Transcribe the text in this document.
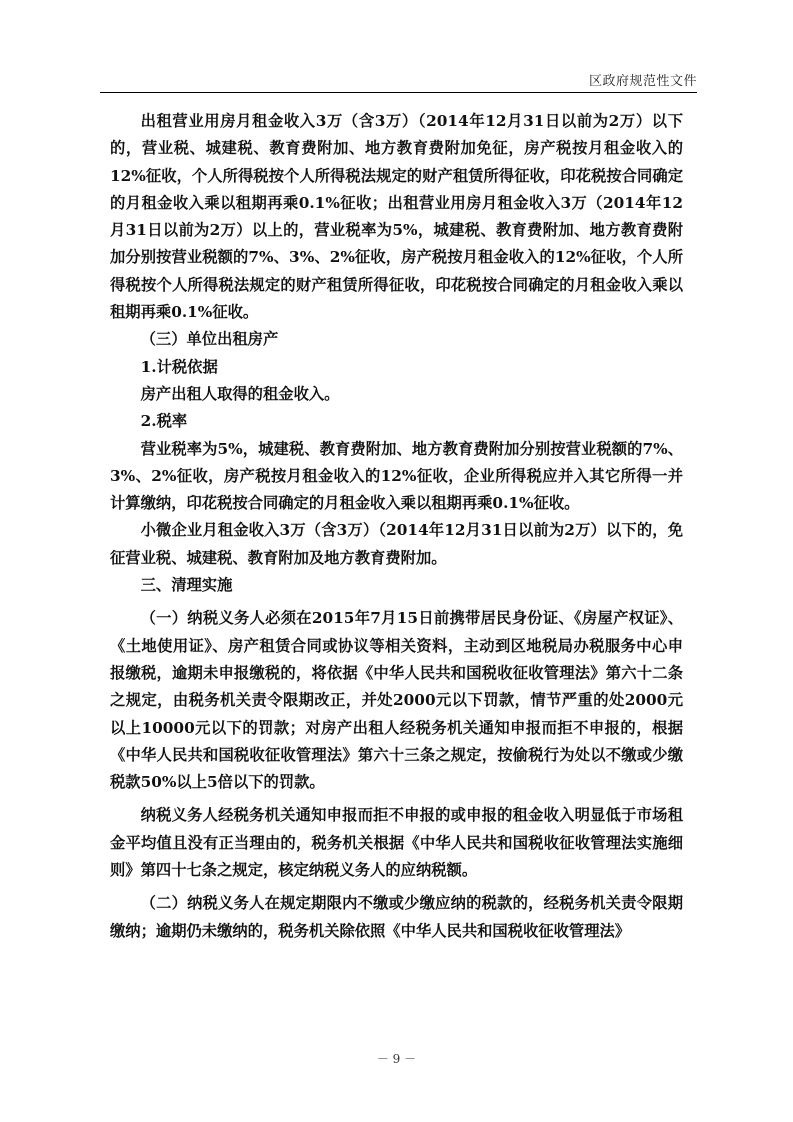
区政府规范性文件

出租营业用房月租金收入3万（含3万）（2014年12月31日以前为2万）以下的，营业税、城建税、教育费附加、地方教育费附加免征，房产税按月租金收入的12%征收，个人所得税按个人所得税法规定的财产租赁所得征收，印花税按合同确定的月租金收入乘以租期再乘0.1%征收；出租营业用房月租金收入3万（2014年12月31日以前为2万）以上的，营业税率为5%，城建税、教育费附加、地方教育费附加分别按营业税额的7%、3%、2%征收，房产税按月租金收入的12%征收，个人所得税按个人所得税法规定的财产租赁所得征收，印花税按合同确定的月租金收入乘以租期再乘0.1%征收。

（三）单位出租房产

1.计税依据

房产出租人取得的租金收入。

2.税率

营业税率为5%，城建税、教育费附加、地方教育费附加分别按营业税额的7%、3%、2%征收，房产税按月租金收入的12%征收，企业所得税应并入其它所得一并计算缴纳，印花税按合同确定的月租金收入乘以租期再乘0.1%征收。

小微企业月租金收入3万（含3万）（2014年12月31日以前为2万）以下的，免征营业税、城建税、教育附加及地方教育费附加。

三、清理实施

（一）纳税义务人必须在2015年7月15日前携带居民身份证、《房屋产权证》、《土地使用证》、房产租赁合同或协议等相关资料，主动到区地税局办税服务中心申报缴税，逾期未申报缴税的，将依据《中华人民共和国税收征收管理法》第六十二条之规定，由税务机关责令限期改正，并处2000元以下罚款，情节严重的处2000元以上10000元以下的罚款；对房产出租人经税务机关通知申报而拒不申报的，根据《中华人民共和国税收征收管理法》第六十三条之规定，按偷税行为处以不缴或少缴税款50%以上5倍以下的罚款。

纳税义务人经税务机关通知申报而拒不申报的或申报的租金收入明显低于市场租金平均值且没有正当理由的，税务机关根据《中华人民共和国税收征收管理法实施细则》第四十七条之规定，核定纳税义务人的应纳税额。

（二）纳税义务人在规定期限内不缴或少缴应纳的税款的，经税务机关责令限期缴纳；逾期仍未缴纳的，税务机关除依照《中华人民共和国税收征收管理法》

－ 9 －
